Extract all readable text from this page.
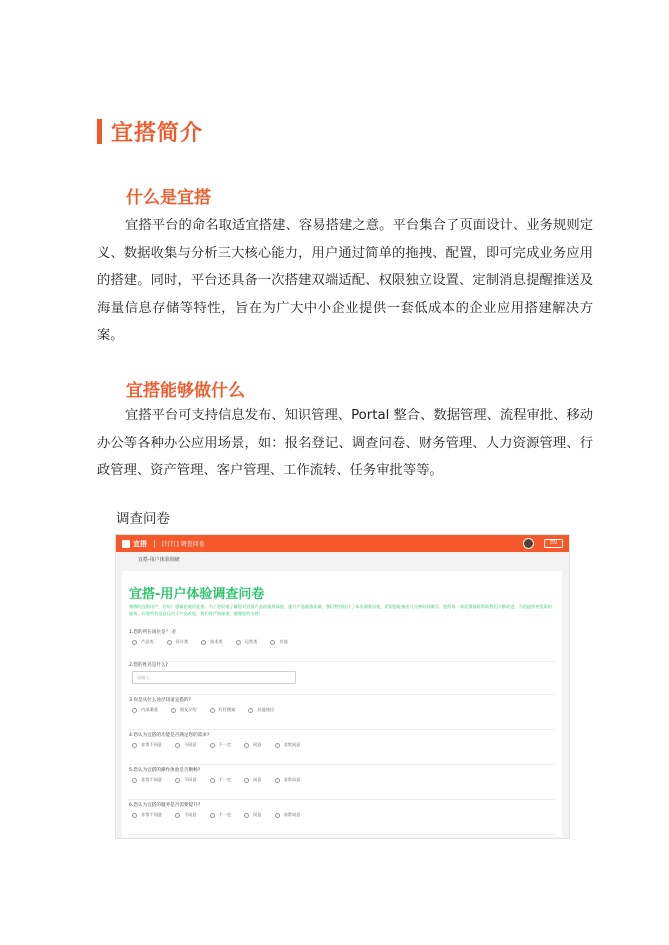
宜搭简介
什么是宜搭

宜搭平台的命名取适宜搭建、容易搭建之意。平台集合了页面设计、业务规则定义、数据收集与分析三大核心能力，用户通过简单的拖拽、配置，即可完成业务应用的搭建。同时，平台还具备一次搭建双端适配、权限独立设置、定制消息提醒推送及海量信息存储等特性，旨在为广大中小企业提供一套低成本的企业应用搭建解决方案。

宜搭能够做什么

宜搭平台可支持信息发布、知识管理、Portal 整合、数据管理、流程审批、移动办公等各种办公应用场景，如：报名登记、调查问卷、财务管理、人力资源管理、行政管理、资产管理、客户管理、工作流转、任务审批等等。

调查问卷
宜搭	[钉钉] 调查问卷	EN
宜搭-用户体验调研
宜搭-用户体验调查问卷

尊敬的宜搭用户，您好！感谢您使用宜搭。为了更好地了解您对宜搭产品的使用体验，提升产品服务质量，我们特别设计了本次调查问卷，希望您能抽出几分钟时间填写。您的每一条反馈都将帮助我们不断改进，为您提供更优质的服务。问卷所有信息仅用于产品改进，我们将严格保密，感谢您的支持！

1.您的所在岗位是？ 必
产品类	设计类	技术类	运营类	其他
2.您的姓名是什么?
请输入
3.你是从什么途径知道宜搭的?
内部渠道	朋友介绍	钉钉搜索	其他途径
4.您认为宜搭的功能是否满足您的需求?
非常不同意	不同意	不一定	同意	非常同意
5.您认为宜搭的操作体验是否顺畅?
非常不同意	不同意	不一定	同意	非常同意
6.您认为宜搭的服务是否需要提升?
非常不同意	不同意	不一定	同意	非常同意
